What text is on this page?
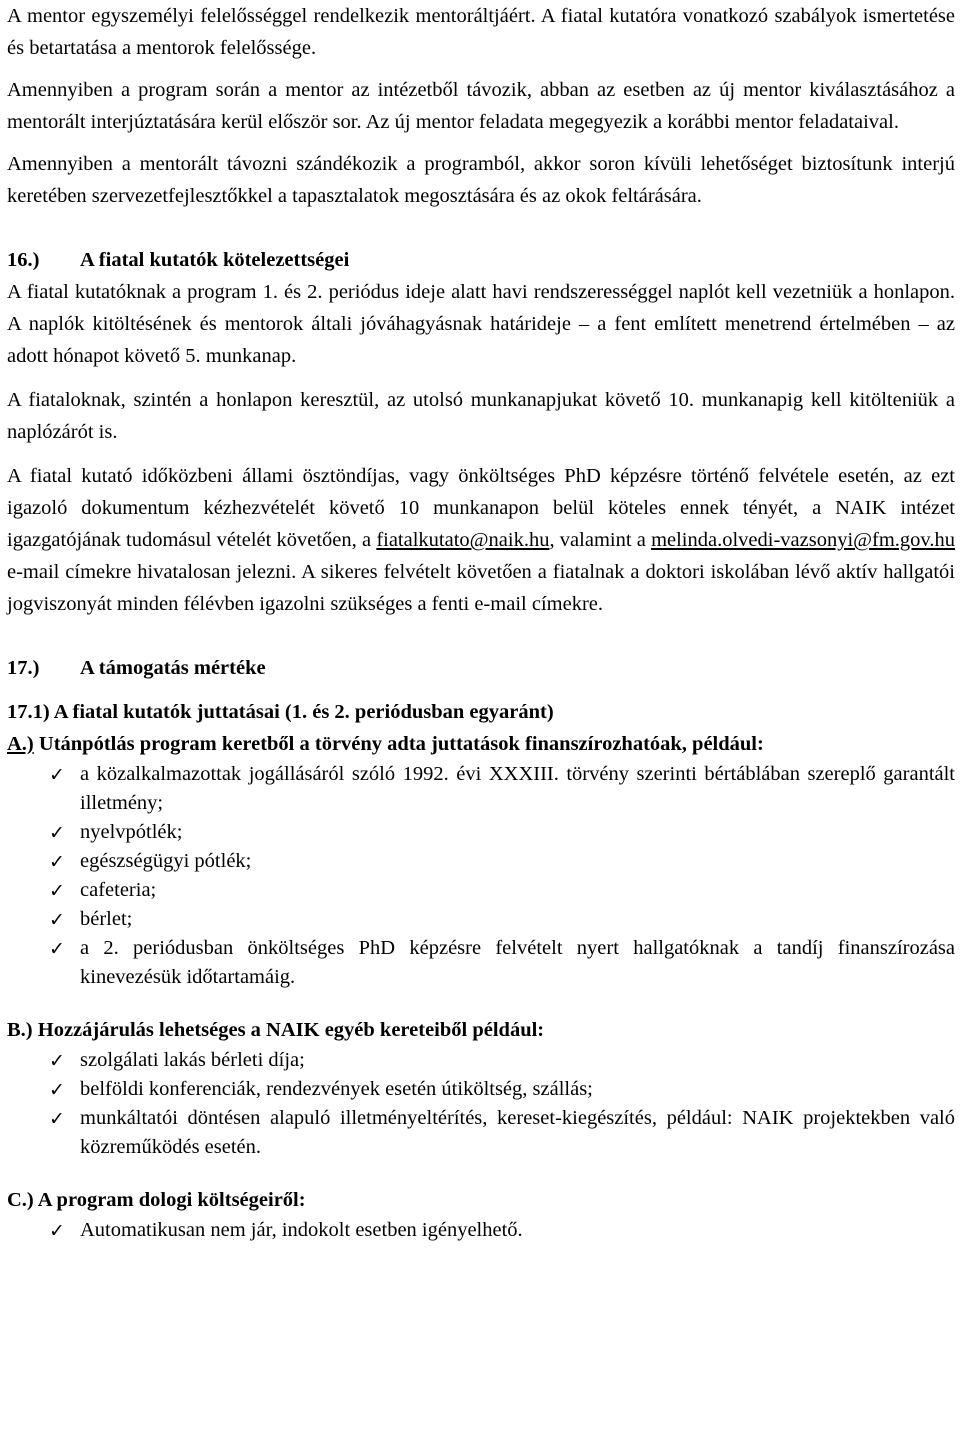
A mentor egyszemélyi felelősséggel rendelkezik mentoráltjáért. A fiatal kutatóra vonatkozó szabályok ismertetése és betartatása a mentorok felelőssége.

Amennyiben a program során a mentor az intézetből távozik, abban az esetben az új mentor kiválasztásához a mentorált interjúztatására kerül először sor. Az új mentor feladata megegyezik a korábbi mentor feladataival.

Amennyiben a mentorált távozni szándékozik a programból, akkor soron kívüli lehetőséget biztosítunk interjú keretében szervezetfejlesztőkkel a tapasztalatok megosztására és az okok feltárására.

16.) A fiatal kutatók kötelezettségei

A fiatal kutatóknak a program 1. és 2. periódus ideje alatt havi rendszerességgel naplót kell vezetniük a honlapon. A naplók kitöltésének és mentorok általi jóváhagyásnak határideje – a fent említett menetrend értelmében – az adott hónapot követő 5. munkanap.

A fiataloknak, szintén a honlapon keresztül, az utolsó munkanapjukat követő 10. munkanapig kell kitölteniük a naplózárót is.

A fiatal kutató időközbeni állami ösztöndíjas, vagy önköltséges PhD képzésre történő felvétele esetén, az ezt igazoló dokumentum kézhezvételét követő 10 munkanapon belül köteles ennek tényét, a NAIK intézet igazgatójának tudomásul vételét követően, a fiatalkutato@naik.hu, valamint a melinda.olvedi-vazsonyi@fm.gov.hu e-mail címekre hivatalosan jelezni. A sikeres felvételt követően a fiatalnak a doktori iskolában lévő aktív hallgatói jogviszonyát minden félévben igazolni szükséges a fenti e-mail címekre.

17.) A támogatás mértéke
17.1) A fiatal kutatók juttatásai (1. és 2. periódusban egyaránt)
A.) Utánpótlás program keretből a törvény adta juttatások finanszírozhatóak, például:
✓ a közalkalmazottak jogállásáról szóló 1992. évi XXXIII. törvény szerinti bértáblában szereplő garantált illetmény;
✓ nyelvpótlék;
✓ egészségügyi pótlék;
✓ cafeteria;
✓ bérlet;
✓ a 2. periódusban önköltséges PhD képzésre felvételt nyert hallgatóknak a tandíj finanszírozása kinevezésük időtartamáig.
B.) Hozzájárulás lehetséges a NAIK egyéb kereteiből például:
✓ szolgálati lakás bérleti díja;
✓ belföldi konferenciák, rendezvények esetén útiköltség, szállás;
✓ munkáltatói döntésen alapuló illetményeltérítés, kereset-kiegészítés, például: NAIK projektekben való közreműködés esetén.
C.) A program dologi költségeiről:
✓ Automatikusan nem jár, indokolt esetben igényelhető.
